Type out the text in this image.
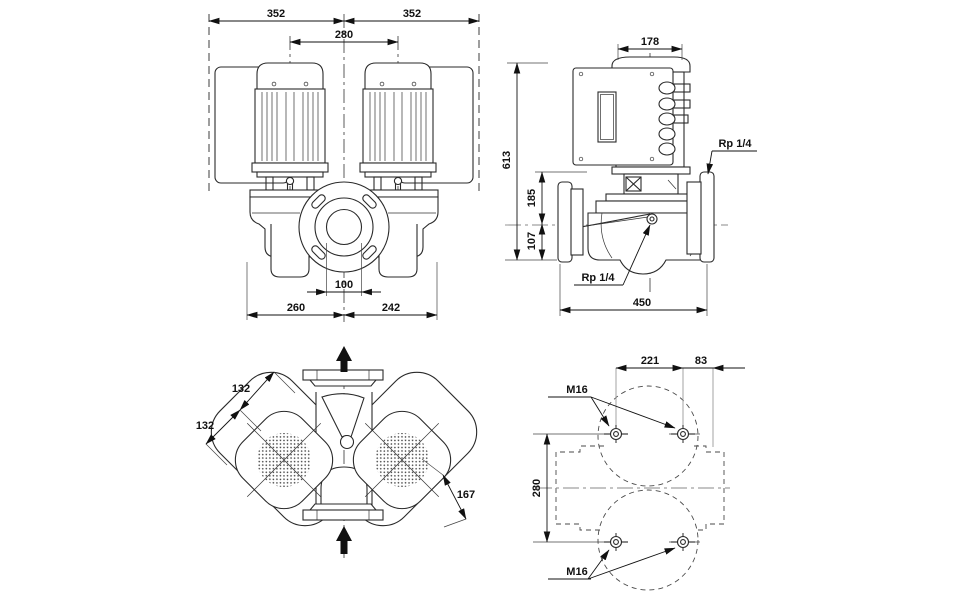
352	352
280
100
260	242
178
613
185
107
450
Rp 1/4
Rp 1/4
132
132
167
221	83
280
M16
M16
